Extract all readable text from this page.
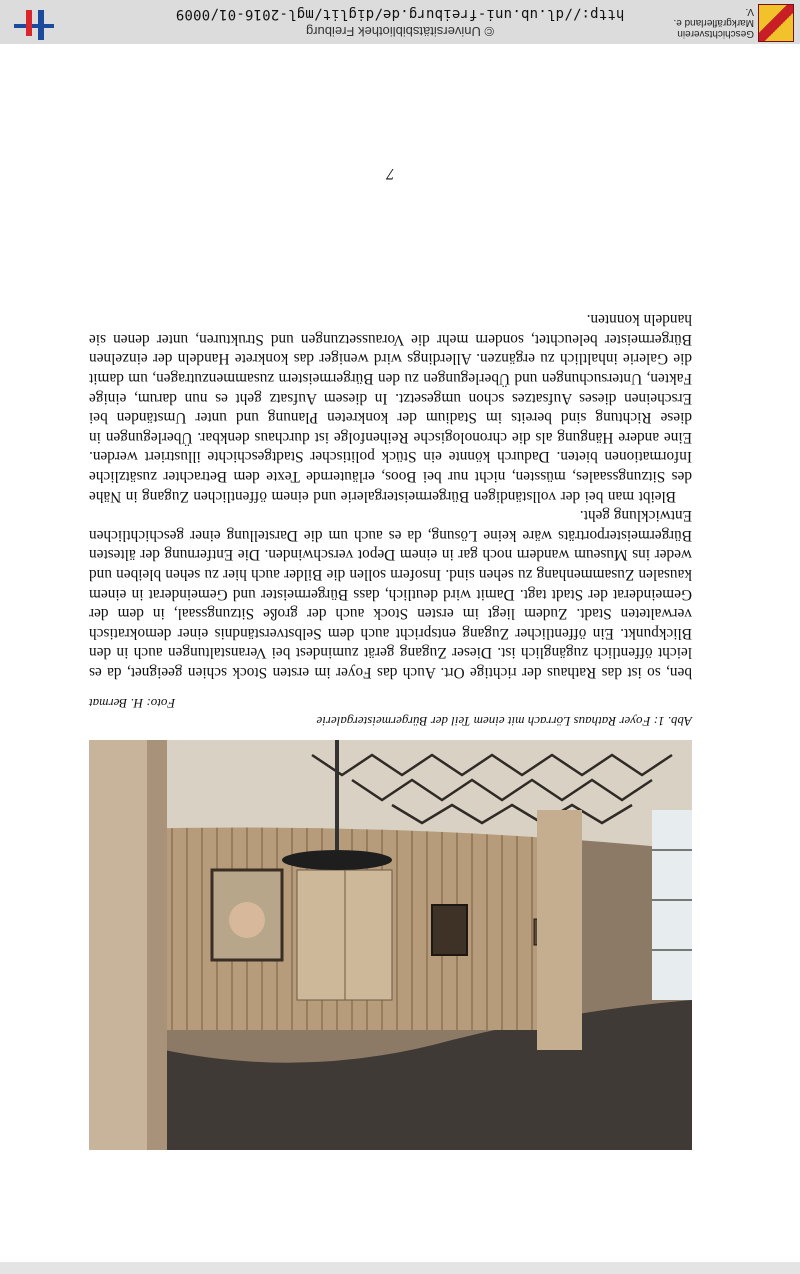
Abb. 1: Foyer Rathaus Lörrach mit einem Teil der Bürgermeistergalerie
Foto: H. Bermat

ben, so ist das Rathaus der richtige Ort. Auch das Foyer im ersten Stock schien geeignet, da es leicht öffentlich zugänglich ist. Dieser Zugang gerät zumindest bei Veranstaltungen auch in den Blickpunkt. Ein öffentlicher Zugang entspricht auch dem Selbstverständnis einer demokratisch verwalteten Stadt. Zudem liegt im ersten Stock auch der große Sitzungssaal, in dem der Gemeinderat der Stadt tagt. Damit wird deutlich, dass Bürgermeister und Gemeinderat in einem kausalen Zusammenhang zu sehen sind. Insofern sollen die Bilder auch hier zu sehen bleiben und weder ins Museum wandern noch gar in einem Depot verschwinden. Die Entfernung der ältesten Bürgermeisterporträts wäre keine Lösung, da es auch um die Darstellung einer geschichtlichen Entwicklung geht.

Bleibt man bei der vollständigen Bürgermeistergalerie und einem öffentlichen Zugang in Nähe des Sitzungssaales, müssten, nicht nur bei Boos, erläuternde Texte dem Betrachter zusätzliche Informationen bieten. Dadurch könnte ein Stück politischer Stadtgeschichte illustriert werden. Eine andere Hängung als die chronologische Reihenfolge ist durchaus denkbar. Überlegungen in diese Richtung sind bereits im Stadium der konkreten Planung und unter Umständen bei Erscheinen dieses Aufsatzes schon umgesetzt. In diesem Aufsatz geht es nun darum, einige Fakten, Untersuchungen und Überlegungen zu den Bürgermeistern zusammenzutragen, um damit die Galerie inhaltlich zu ergänzen. Allerdings wird weniger das konkrete Handeln der einzelnen Bürgermeister beleuchtet, sondern mehr die Voraussetzungen und Strukturen, unter denen sie handeln konnten.

7
Geschichtsverein
Markgräflerland e. V.
© Universitätsbibliothek Freiburg
http://dl.ub.uni-freiburg.de/diglit/mgl-2016-01/0009
